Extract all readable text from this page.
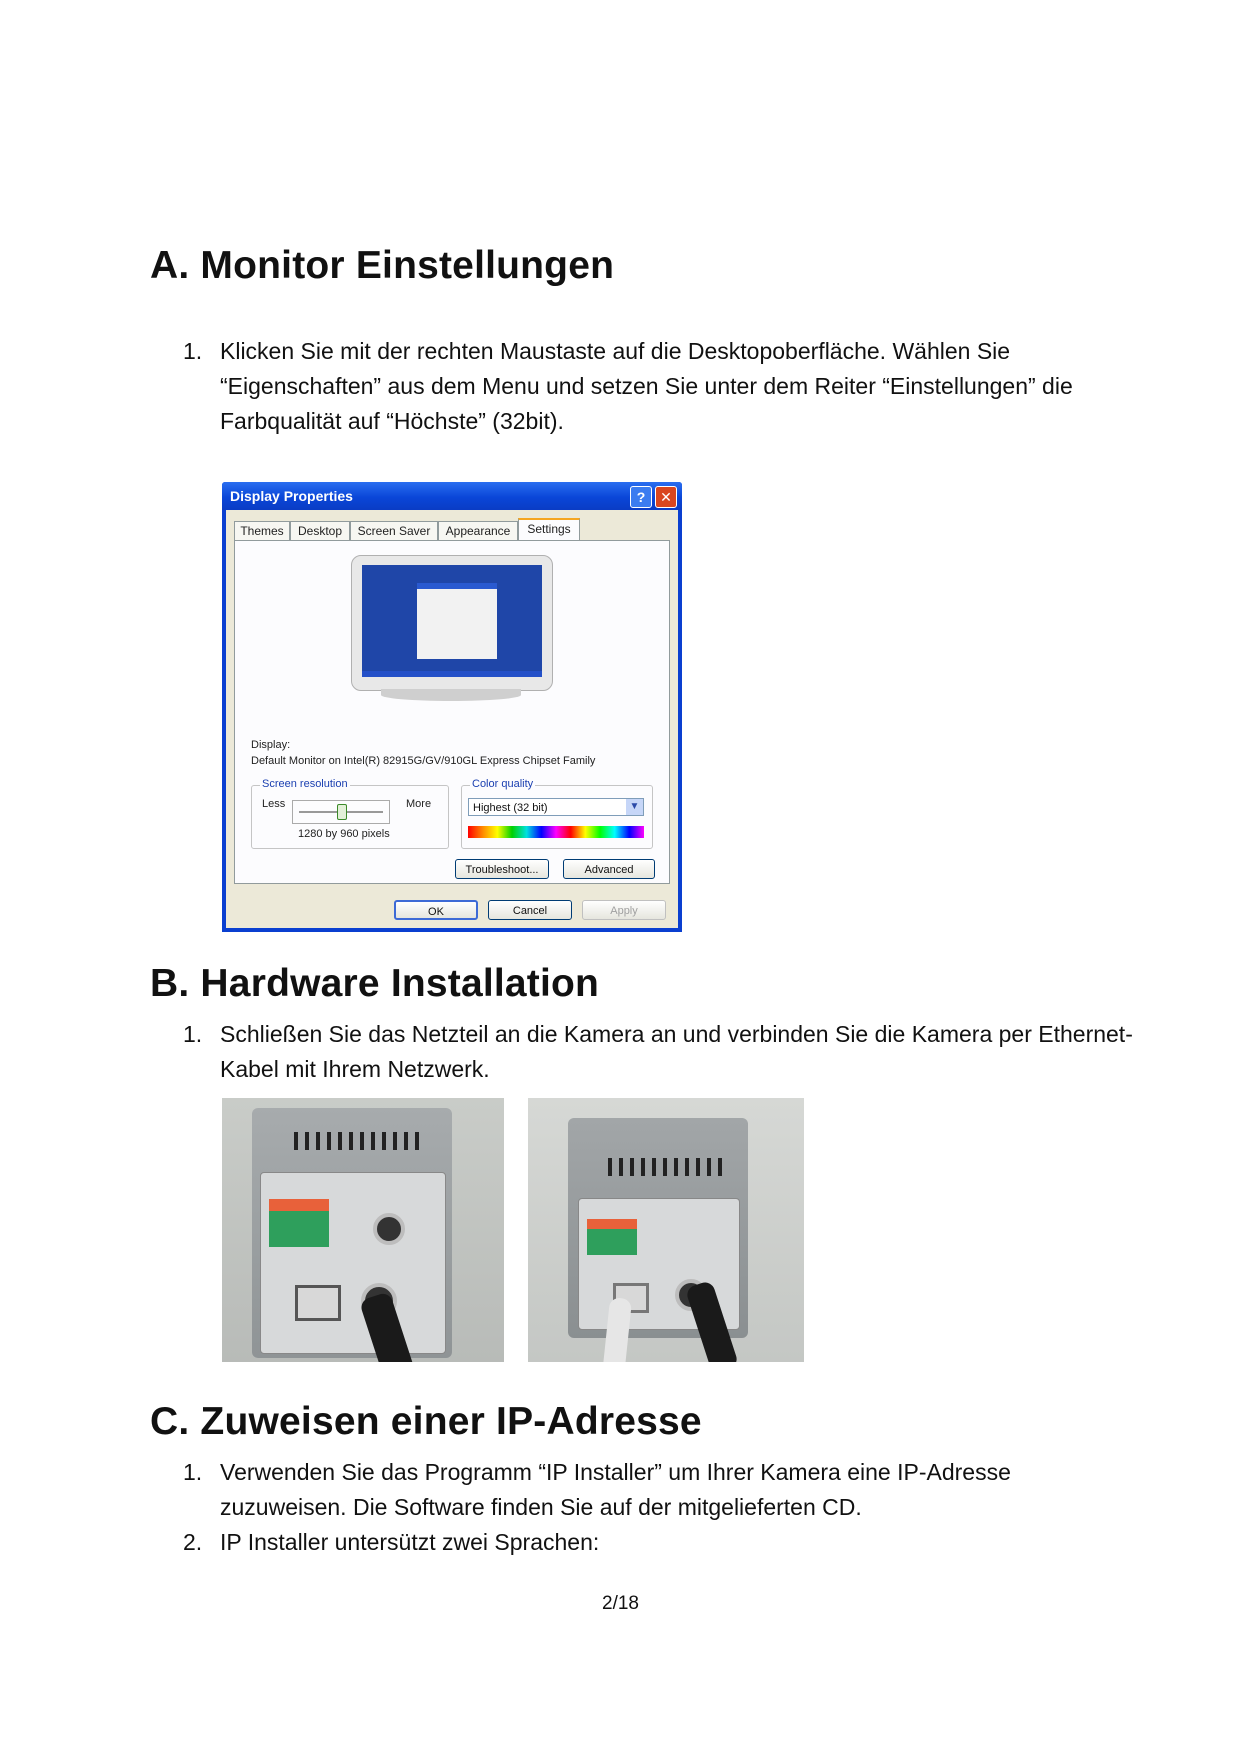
A. Monitor Einstellungen
1. Klicken Sie mit der rechten Maustaste auf die Desktopoberfläche. Wählen Sie “Eigenschaften” aus dem Menu und setzen Sie unter dem Reiter “Einstellungen” die Farbqualität auf “Höchste” (32bit).
Display Properties	?	✕
Themes	Desktop	Screen Saver	Appearance	Settings
Display:
Default Monitor on Intel(R) 82915G/GV/910GL Express Chipset Family
Screen resolution
Less	More
1280 by 960 pixels
Color quality
Highest (32 bit)	▼
Troubleshoot...	Advanced
OK	Cancel	Apply
B. Hardware Installation
1. Schließen Sie das Netzteil an die Kamera an und verbinden Sie die Kamera per Ethernet-Kabel mit Ihrem Netzwerk.
C. Zuweisen einer IP-Adresse
1. Verwenden Sie das Programm “IP Installer” um Ihrer Kamera eine IP-Adresse zuzuweisen. Die Software finden Sie auf der mitgelieferten CD.
2. IP Installer untersützt zwei Sprachen:
2/18
